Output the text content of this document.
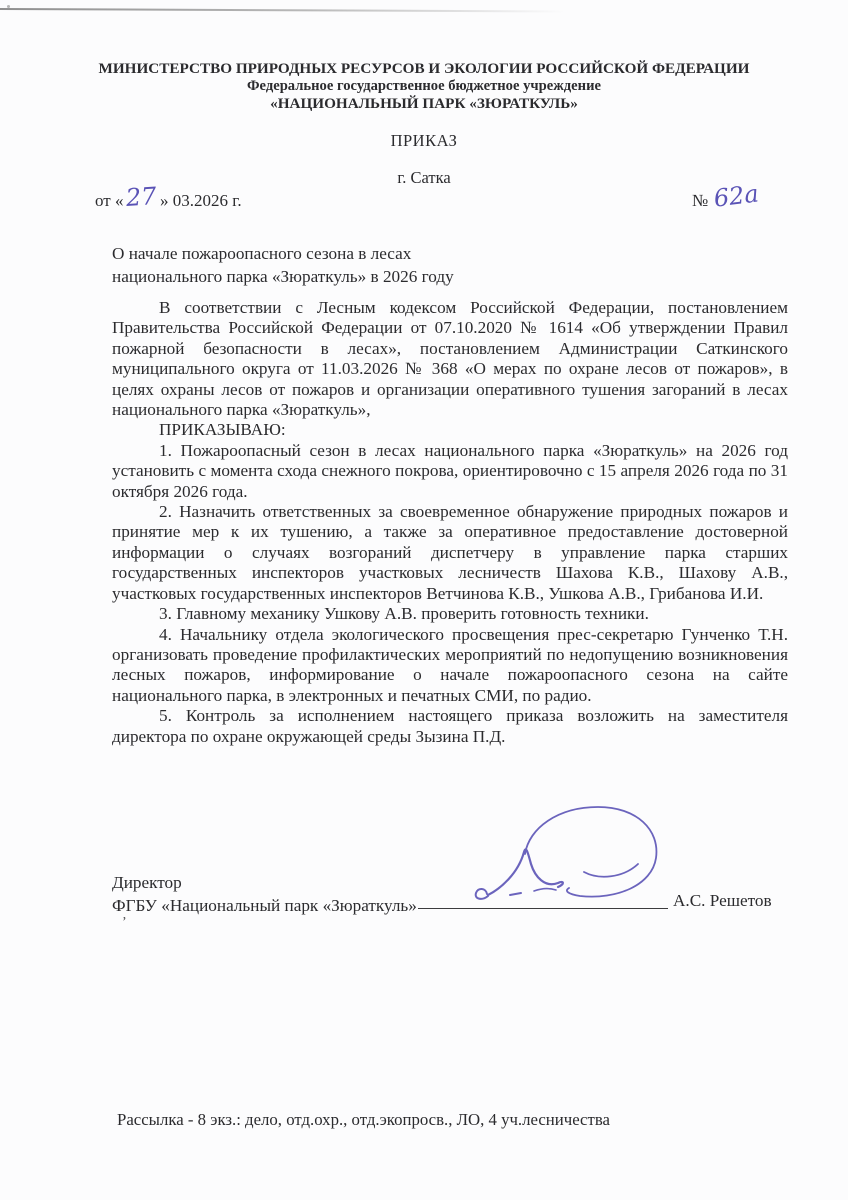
МИНИСТЕРСТВО ПРИРОДНЫХ РЕСУРСОВ И ЭКОЛОГИИ РОССИЙСКОЙ ФЕДЕРАЦИИ
Федеральное государственное бюджетное учреждение
«НАЦИОНАЛЬНЫЙ ПАРК «ЗЮРАТКУЛЬ»
ПРИКАЗ
г. Сатка
от «27 » 03.2026 г.	№ 62а
О начале пожароопасного сезона в лесах
национального парка «Зюраткуль» в 2026 году

В соответствии с Лесным кодексом Российской Федерации, постановлением Правительства Российской Федерации от 07.10.2020 № 1614 «Об утверждении Правил пожарной безопасности в лесах», постановлением Администрации Саткинского муниципального округа от 11.03.2026 № 368 «О мерах по охране лесов от пожаров», в целях охраны лесов от пожаров и организации оперативного тушения загораний в лесах национального парка «Зюраткуль»,

ПРИКАЗЫВАЮ:

1. Пожароопасный сезон в лесах национального парка «Зюраткуль» на 2026 год установить с момента схода снежного покрова, ориентировочно с 15 апреля 2026 года по 31 октября 2026 года.

2. Назначить ответственных за своевременное обнаружение природных пожаров и принятие мер к их тушению, а также за оперативное предоставление достоверной информации о случаях возгораний диспетчеру в управление парка старших государственных инспекторов участковых лесничеств Шахова К.В., Шахову А.В., участковых государственных инспекторов Ветчинова К.В., Ушкова А.В., Грибанова И.И.

3. Главному механику Ушкову А.В. проверить готовность техники.

4. Начальнику отдела экологического просвещения прес-секретарю Гунченко Т.Н. организовать проведение профилактических мероприятий по недопущению возникновения лесных пожаров, информирование о начале пожароопасного сезона на сайте национального парка, в электронных и печатных СМИ, по радио.

5. Контроль за исполнением настоящего приказа возложить на заместителя директора по охране окружающей среды Зызина П.Д.

Директор
ФГБУ «Национальный парк «Зюраткуль»	А.С. Решетов
’
Рассылка - 8 экз.: дело, отд.охр., отд.экопросв., ЛО, 4 уч.лесничества
